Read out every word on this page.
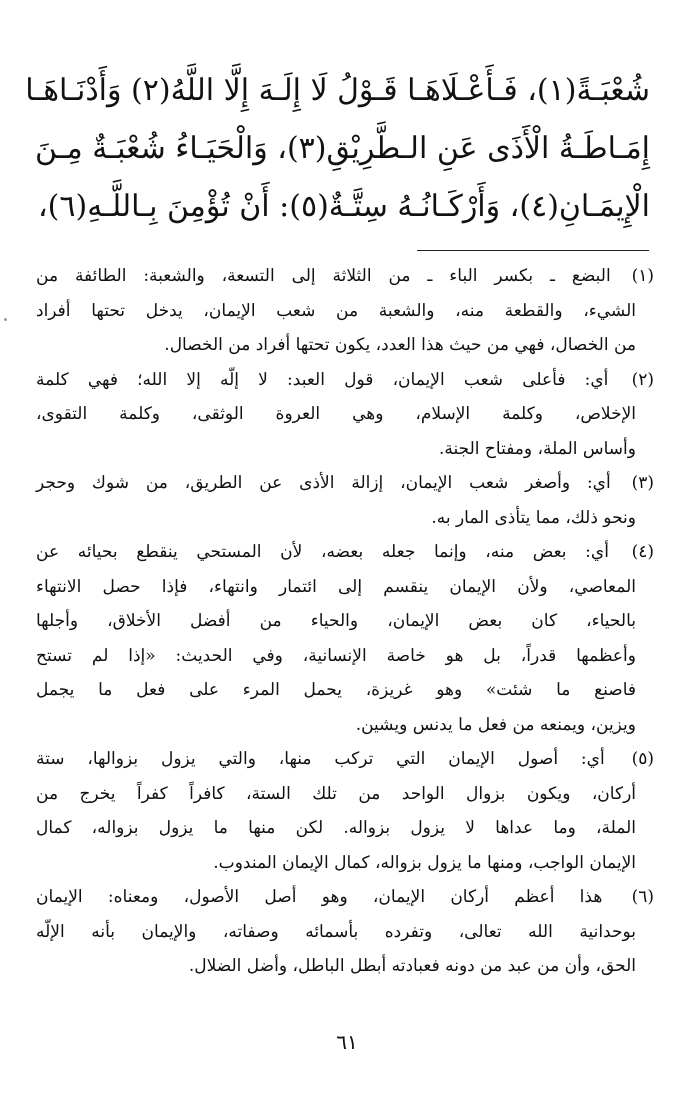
شُعْبَـةً(١)، فَـأَعْـلَاهَـا قَـوْلُ لَا إِلَـهَ إِلَّا اللَّهُ(٢) وَأَدْنَـاهَـا
إِمَـاطَـةُ الْأَذَى عَنِ الـطَّرِيْقِ(٣)، وَالْحَيَـاءُ شُعْبَـةٌ مِـنَ
الْإِيمَـانِ(٤)، وَأَرْكَـانُـهُ سِتَّـةٌ(٥): أَنْ تُؤْمِنَ بِـاللَّـهِ(٦)،
(١) البضع ـ بكسر الباء ـ من الثلاثة إلى التسعة، والشعبة: الطائفة من
الشيء، والقطعة منه، والشعبة من شعب الإيمان، يدخل تحتها أفراد
من الخصال، فهي من حيث هذا العدد، يكون تحتها أفراد من الخصال.
(٢) أي: فأعلى شعب الإيمان، قول العبد: لا إلّه إلا الله؛ فهي كلمة
الإخلاص، وكلمة الإسلام، وهي العروة الوثقى، وكلمة التقوى،
وأساس الملة، ومفتاح الجنة.
(٣) أي: وأصغر شعب الإيمان، إزالة الأذى عن الطريق، من شوك وحجر
ونحو ذلك، مما يتأذى المار به.
(٤) أي: بعض منه، وإنما جعله بعضه، لأن المستحي ينقطع بحيائه عن
المعاصي، ولأن الإيمان ينقسم إلى ائتمار وانتهاء، فإذا حصل الانتهاء
بالحياء، كان بعض الإيمان، والحياء من أفضل الأخلاق، وأجلها
وأعظمها قدراً، بل هو خاصة الإنسانية، وفي الحديث: «إذا لم تستح
فاصنع ما شئت» وهو غريزة، يحمل المرء على فعل ما يجمل
ويزين، ويمنعه من فعل ما يدنس ويشين.
(٥) أي: أصول الإيمان التي تركب منها، والتي يزول بزوالها، ستة
أركان، ويكون بزوال الواحد من تلك الستة، كافراً كفراً يخرج من
الملة، وما عداها لا يزول بزواله. لكن منها ما يزول بزواله، كمال
الإيمان الواجب، ومنها ما يزول بزواله، كمال الإيمان المندوب.
(٦) هذا أعظم أركان الإيمان، وهو أصل الأصول، ومعناه: الإيمان
بوحدانية الله تعالى، وتفرده بأسمائه وصفاته، والإيمان بأنه الإلّه
الحق، وأن من عبد من دونه فعبادته أبطل الباطل، وأضل الضلال.
٦١
